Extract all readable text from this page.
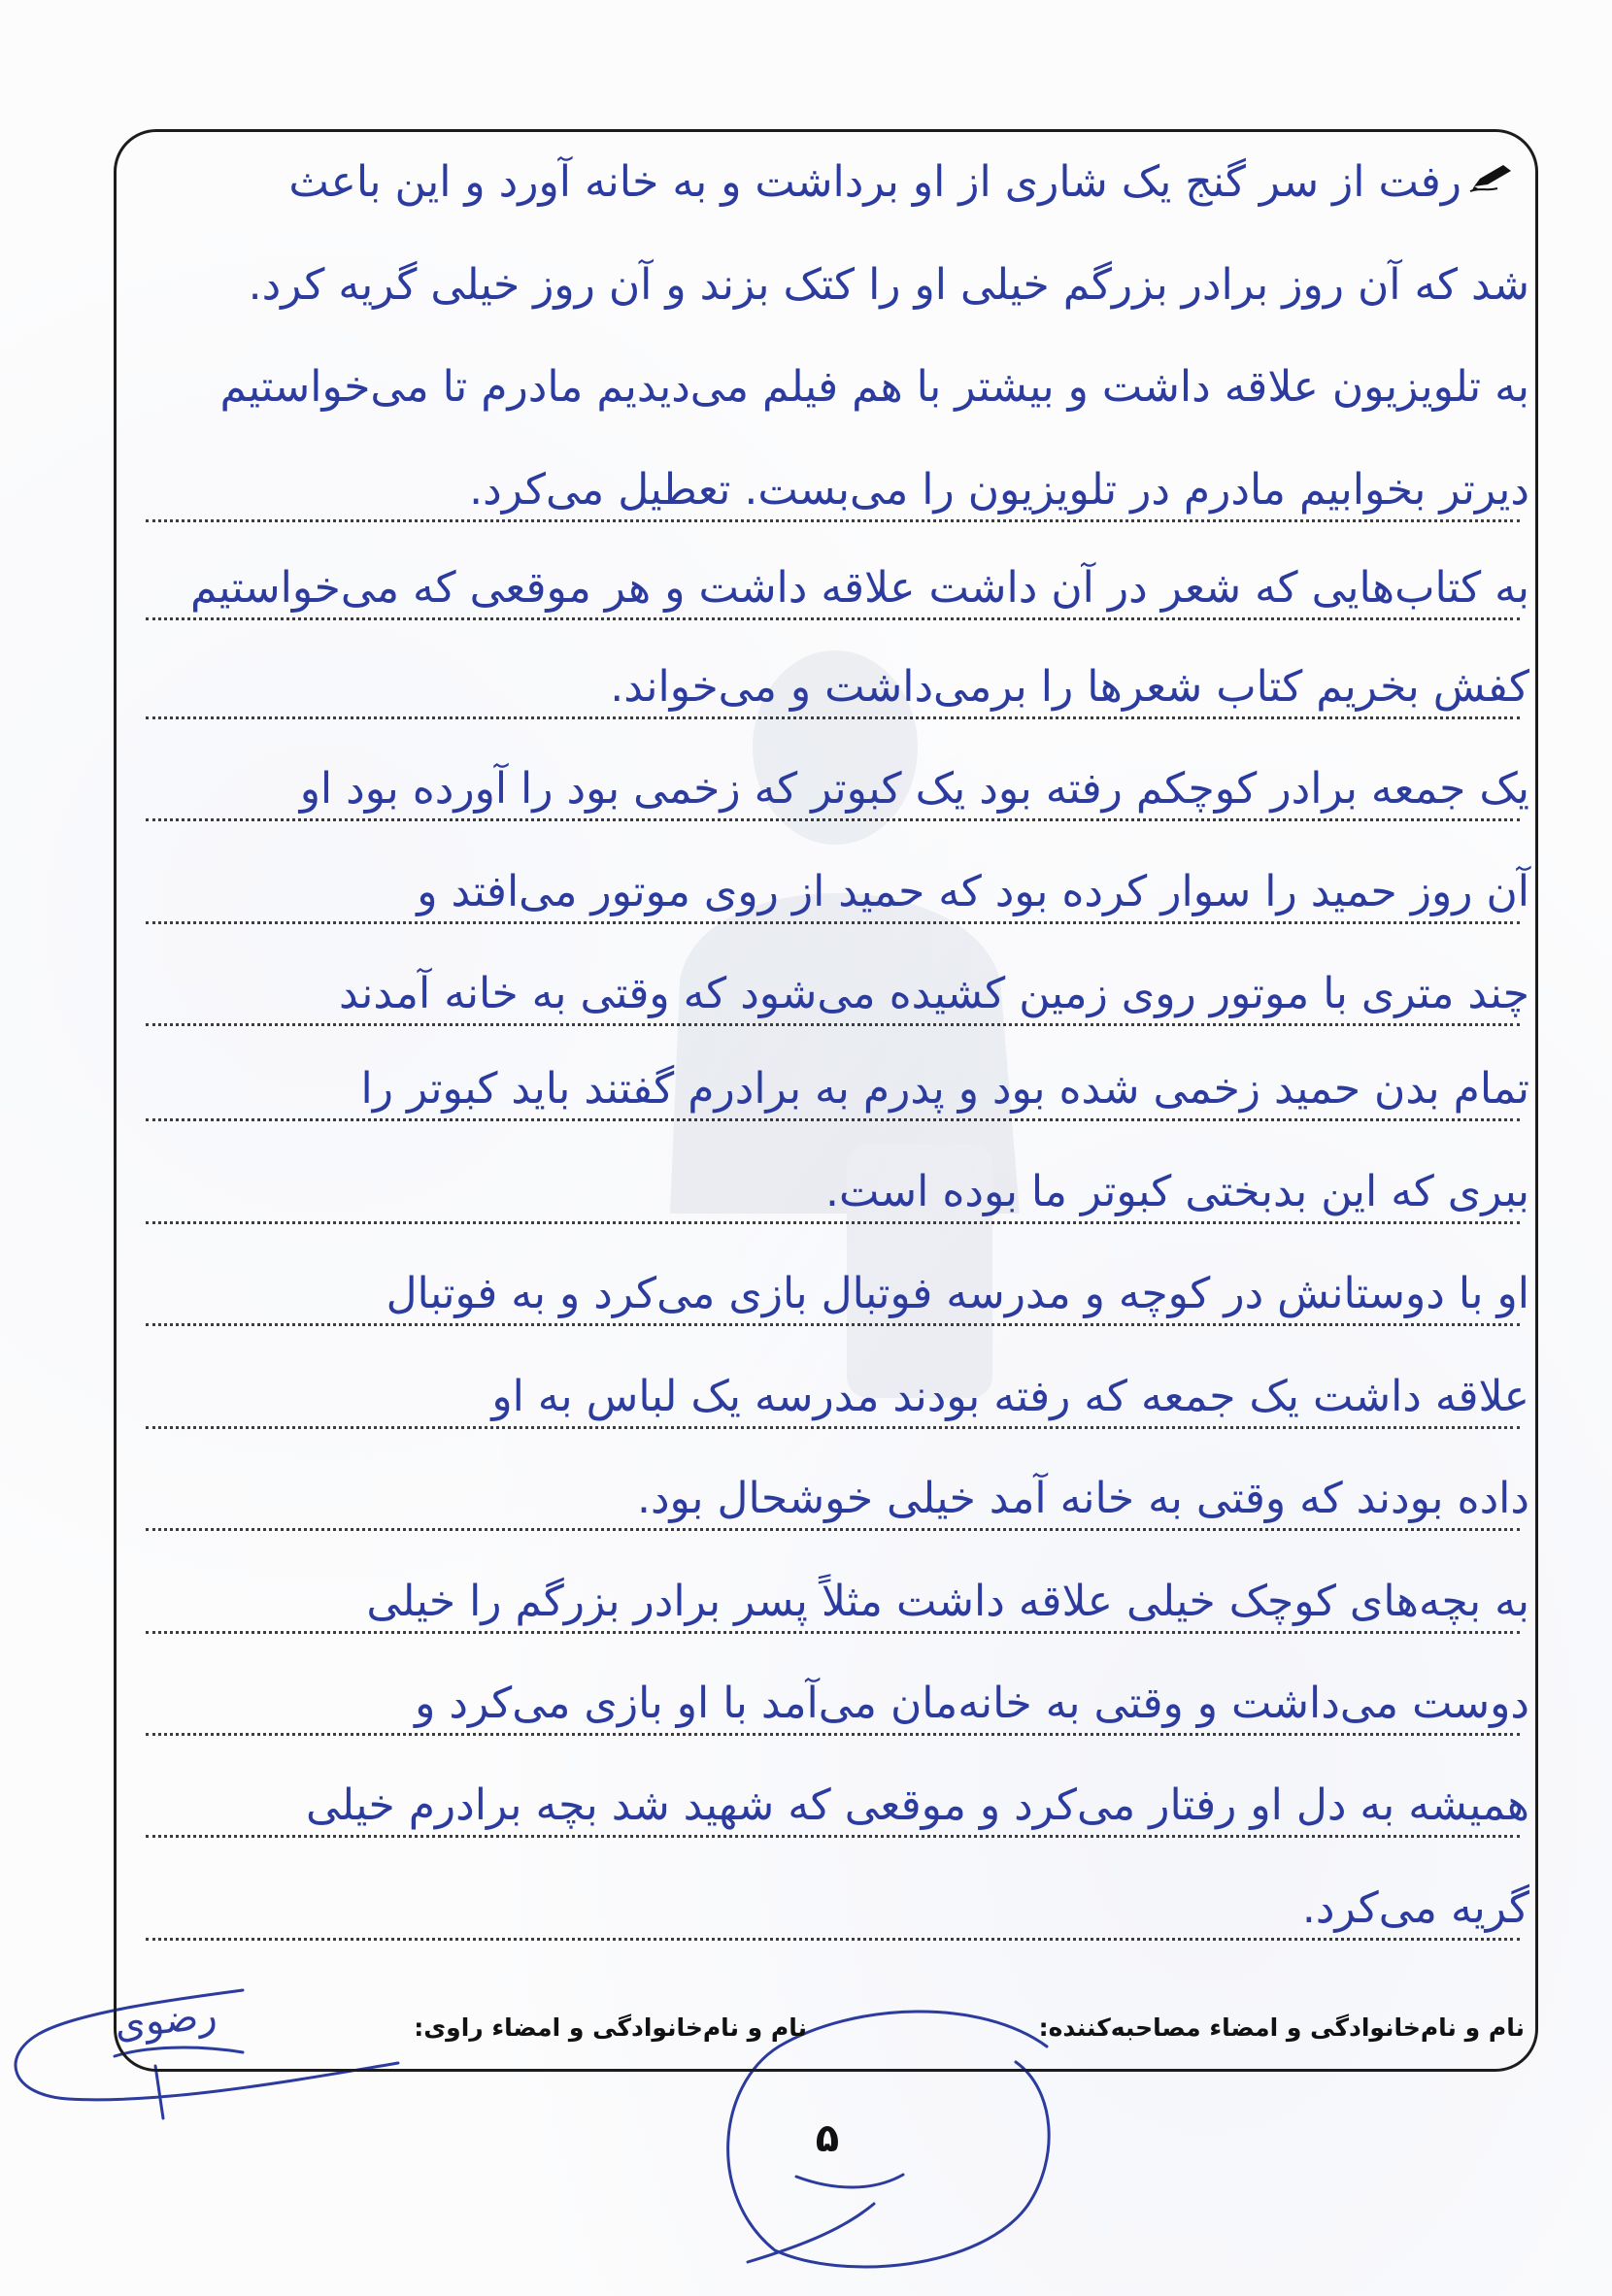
رفت از سر گنج یک شاری از او برداشت و به خانه آورد و این باعث
شد که آن روز برادر بزرگم خیلی او را کتک بزند و آن روز خیلی گریه کرد.
به تلویزیون علاقه داشت و بیشتر با هم فیلم می‌دیدیم مادرم تا می‌خواستیم
دیرتر بخوابیم مادرم در تلویزیون را می‌بست. تعطیل می‌کرد.
به کتاب‌هایی که شعر در آن داشت علاقه داشت و هر موقعی که می‌خواستیم
کفش بخریم کتاب شعرها را برمی‌داشت و می‌خواند.
یک جمعه برادر کوچکم رفته بود یک کبوتر که زخمی بود را آورده بود او
آن روز حمید را سوار کرده بود که حمید از روی موتور می‌افتد و
چند متری با موتور روی زمین کشیده می‌شود که وقتی به خانه آمدند
تمام بدن حمید زخمی شده بود و پدرم به برادرم گفتند باید کبوتر را
ببری که این بدبختی کبوتر ما بوده است.
او با دوستانش در کوچه و مدرسه فوتبال بازی می‌کرد و به فوتبال
علاقه داشت یک جمعه که رفته بودند مدرسه یک لباس به او
داده بودند که وقتی به خانه آمد خیلی خوشحال بود.
به بچه‌های کوچک خیلی علاقه داشت مثلاً پسر برادر بزرگم را خیلی
دوست می‌داشت و وقتی به خانه‌مان می‌آمد با او بازی می‌کرد و
همیشه به دل او رفتار می‌کرد و موقعی که شهید شد بچه برادرم خیلی
گریه می‌کرد.
نام و نام‌خانوادگی و امضاء مصاحبه‌کننده:
نام و نام‌خانوادگی و امضاء راوی:
رضوی
۵
